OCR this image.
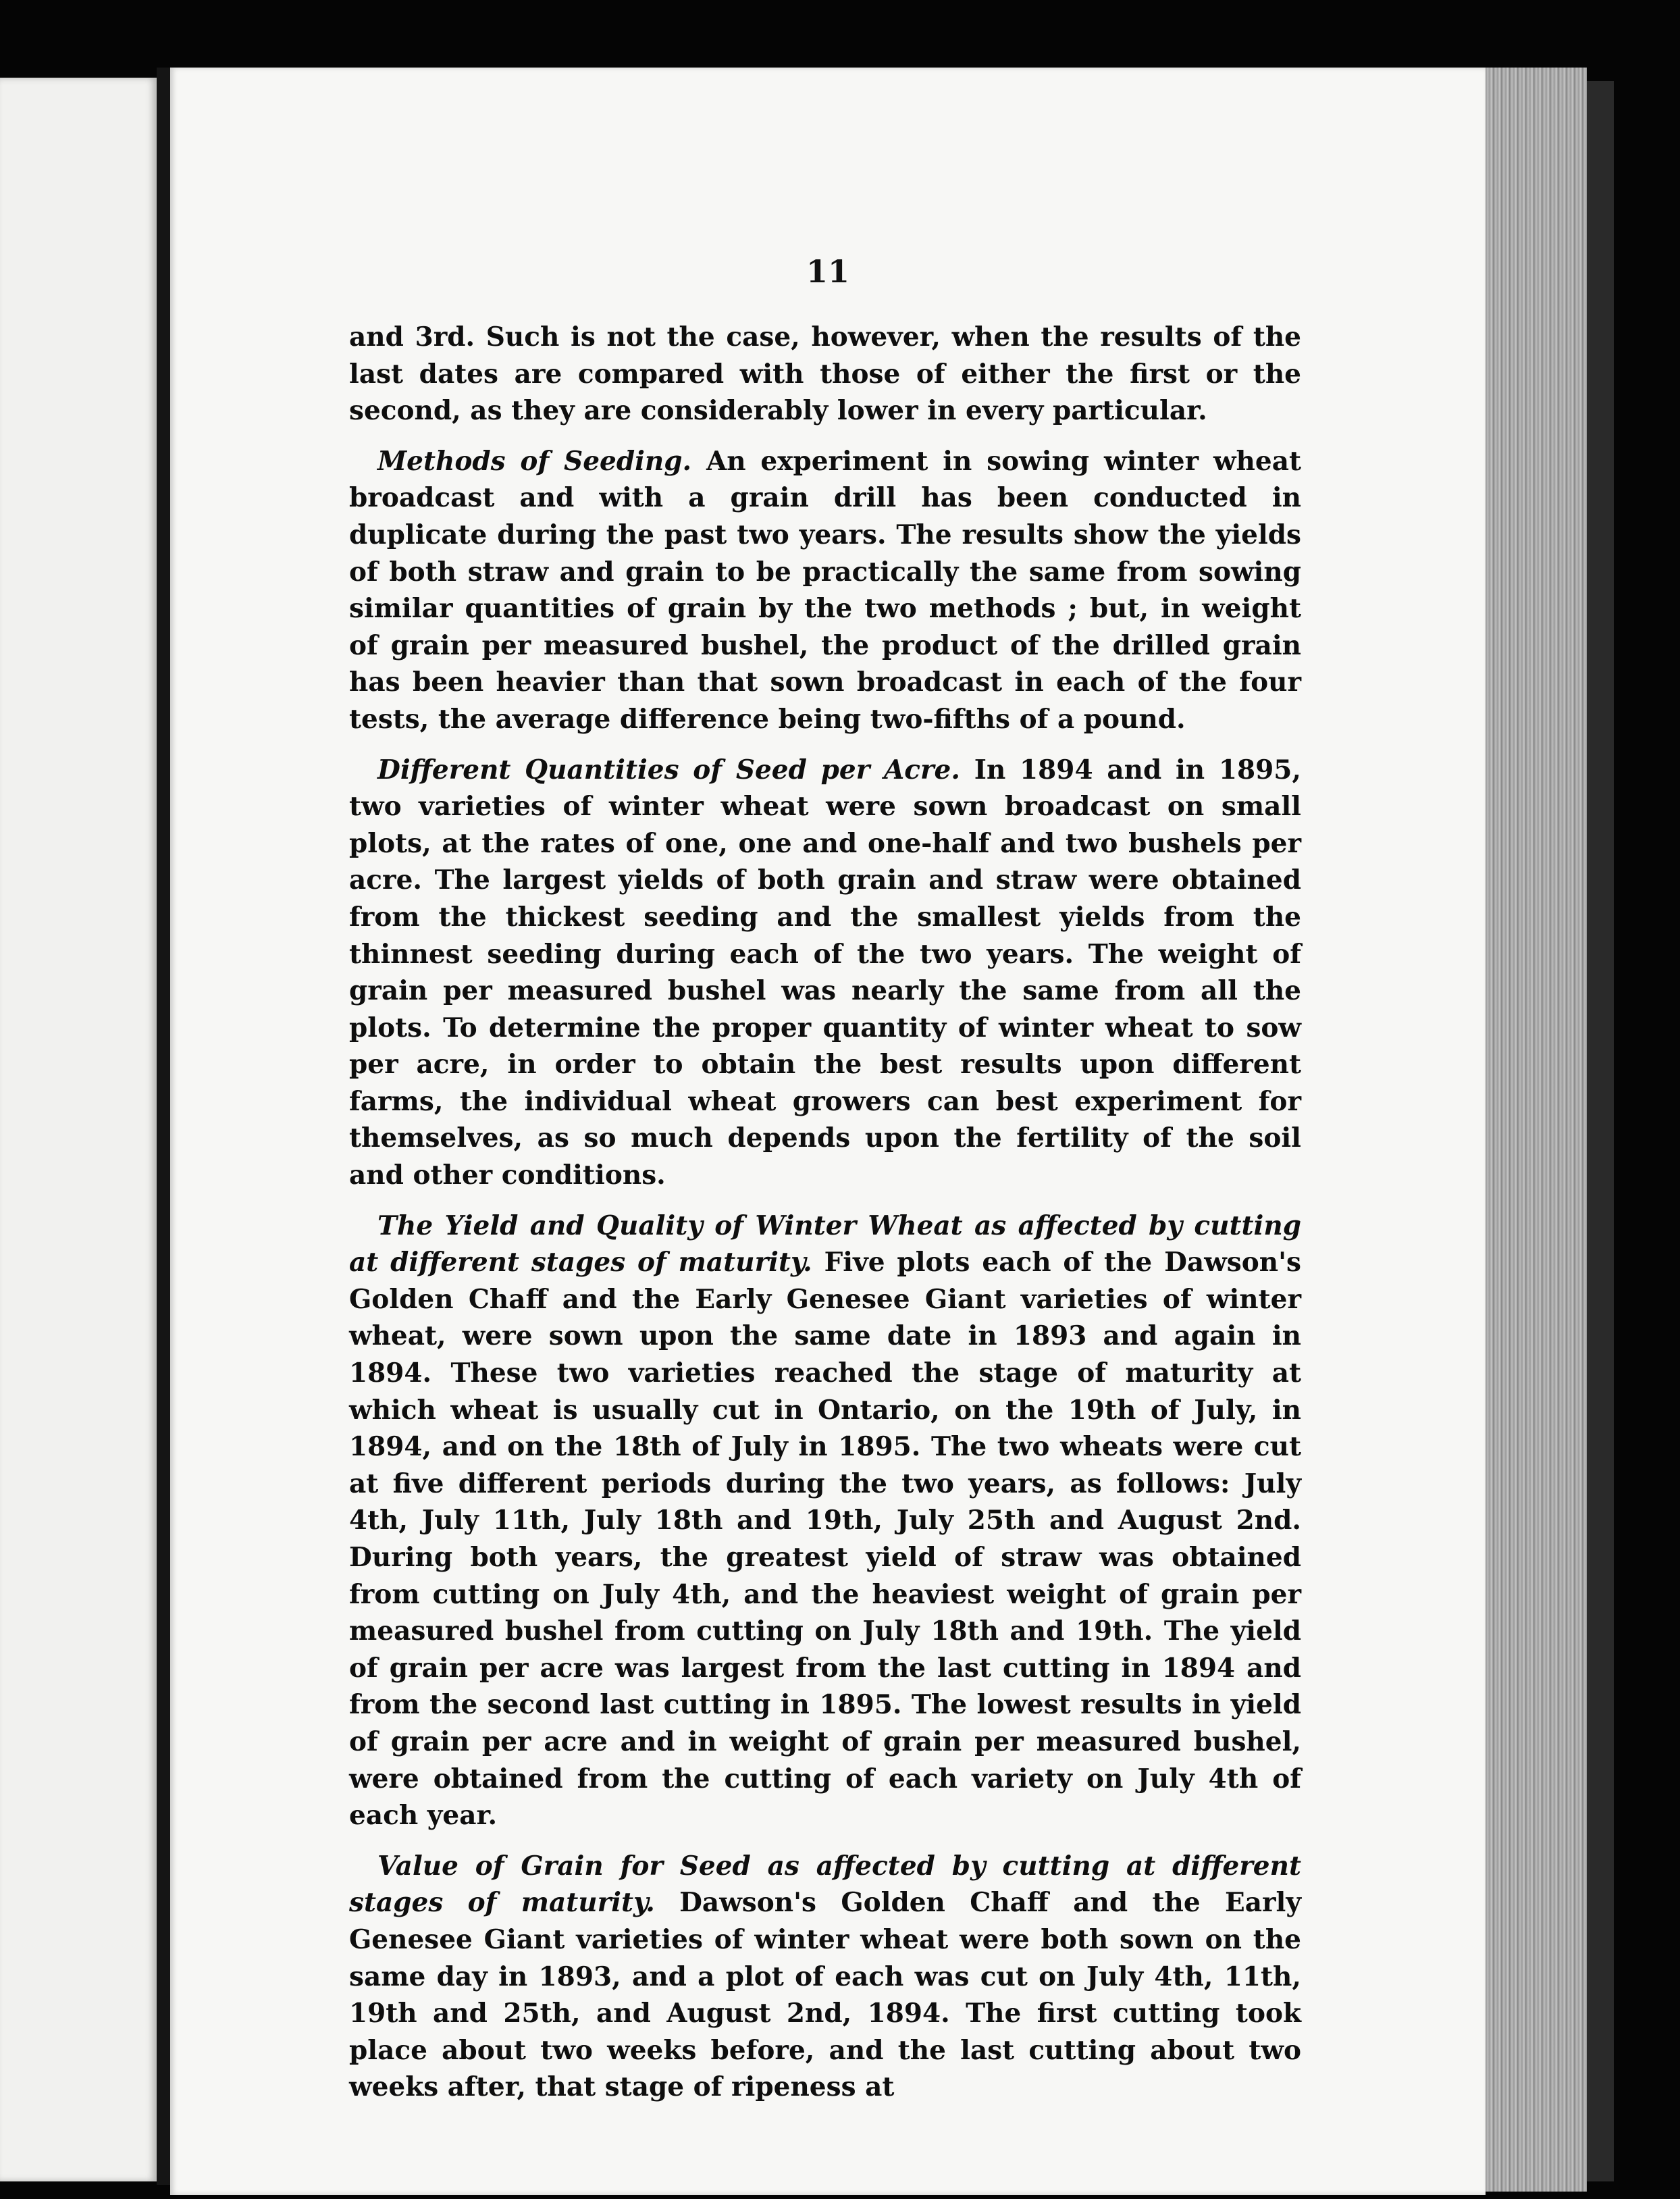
11

and 3rd. Such is not the case, however, when the results of the last dates are compared with those of either the first or the second, as they are considerably lower in every particular.

Methods of Seeding. An experiment in sowing winter wheat broadcast and with a grain drill has been conducted in duplicate during the past two years. The results show the yields of both straw and grain to be practically the same from sowing similar quantities of grain by the two methods ; but, in weight of grain per measured bushel, the product of the drilled grain has been heavier than that sown broadcast in each of the four tests, the average difference being two-fifths of a pound.

Different Quantities of Seed per Acre. In 1894 and in 1895, two varieties of winter wheat were sown broadcast on small plots, at the rates of one, one and one-half and two bushels per acre. The largest yields of both grain and straw were obtained from the thickest seeding and the smallest yields from the thinnest seeding during each of the two years. The weight of grain per measured bushel was nearly the same from all the plots. To determine the proper quantity of winter wheat to sow per acre, in order to obtain the best results upon different farms, the individual wheat growers can best experiment for themselves, as so much depends upon the fertility of the soil and other conditions.

The Yield and Quality of Winter Wheat as affected by cutting at different stages of maturity. Five plots each of the Dawson's Golden Chaff and the Early Genesee Giant varieties of winter wheat, were sown upon the same date in 1893 and again in 1894. These two varieties reached the stage of maturity at which wheat is usually cut in Ontario, on the 19th of July, in 1894, and on the 18th of July in 1895. The two wheats were cut at five different periods during the two years, as follows: July 4th, July 11th, July 18th and 19th, July 25th and August 2nd. During both years, the greatest yield of straw was obtained from cutting on July 4th, and the heaviest weight of grain per measured bushel from cutting on July 18th and 19th. The yield of grain per acre was largest from the last cutting in 1894 and from the second last cutting in 1895. The lowest results in yield of grain per acre and in weight of grain per measured bushel, were obtained from the cutting of each variety on July 4th of each year.

Value of Grain for Seed as affected by cutting at different stages of maturity. Dawson's Golden Chaff and the Early Genesee Giant varieties of winter wheat were both sown on the same day in 1893, and a plot of each was cut on July 4th, 11th, 19th and 25th, and August 2nd, 1894. The first cutting took place about two weeks before, and the last cutting about two weeks after, that stage of ripeness at
